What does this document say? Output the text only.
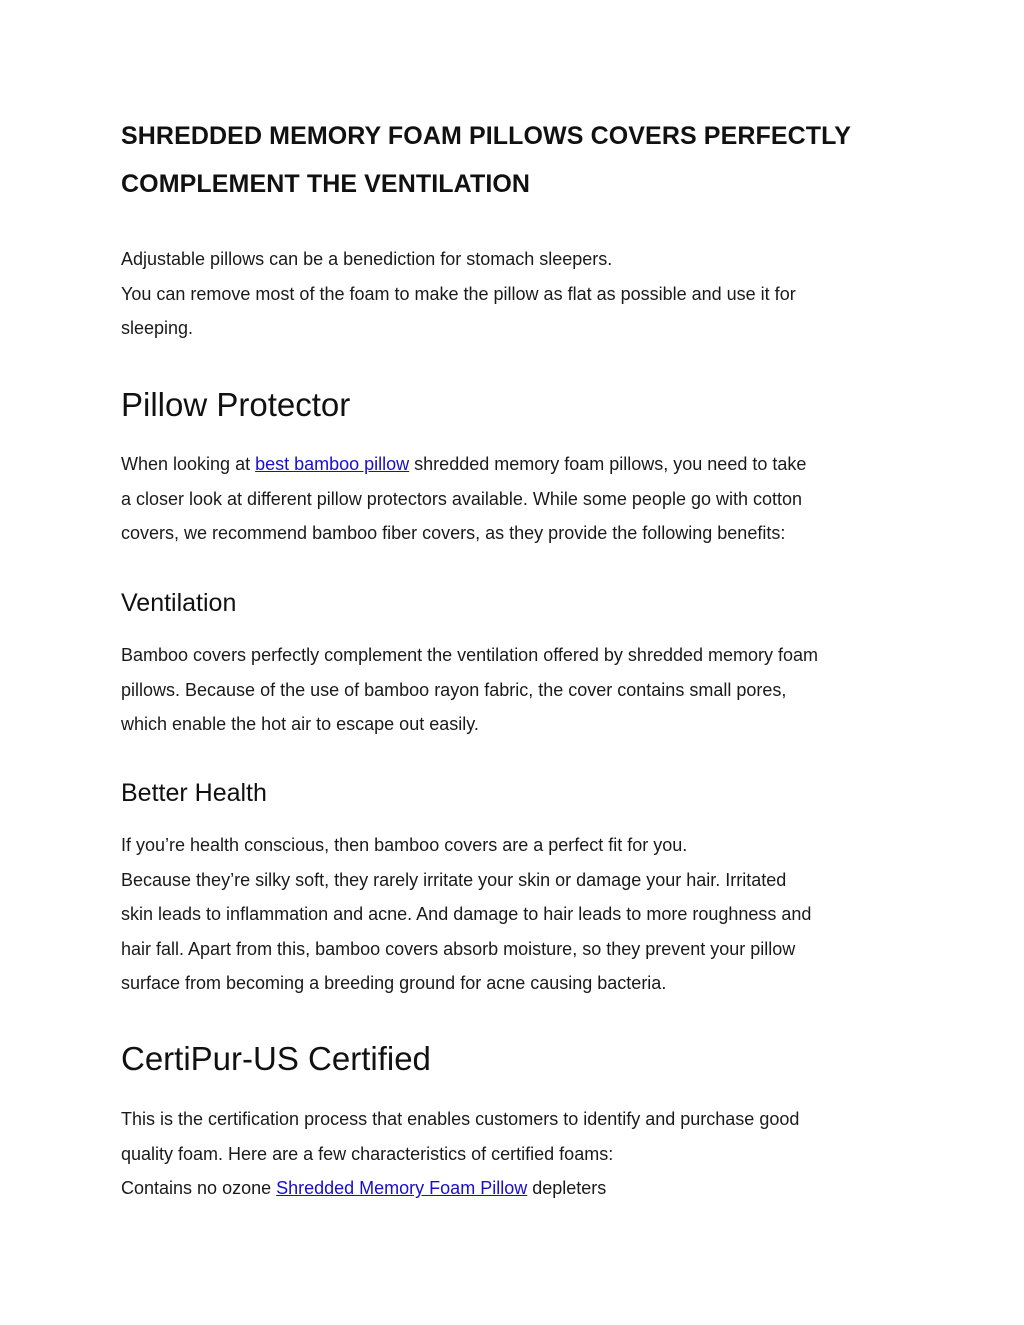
SHREDDED MEMORY FOAM PILLOWS COVERS PERFECTLY
COMPLEMENT THE VENTILATION

Adjustable pillows can be a benediction for stomach sleepers.
You can remove most of the foam to make the pillow as flat as possible and use it for
sleeping.

Pillow Protector

When looking at best bamboo pillow shredded memory foam pillows, you need to take
a closer look at different pillow protectors available. While some people go with cotton
covers, we recommend bamboo fiber covers, as they provide the following benefits:

Ventilation

Bamboo covers perfectly complement the ventilation offered by shredded memory foam
pillows. Because of the use of bamboo rayon fabric, the cover contains small pores,
which enable the hot air to escape out easily.

Better Health

If you’re health conscious, then bamboo covers are a perfect fit for you.
Because they’re silky soft, they rarely irritate your skin or damage your hair. Irritated
skin leads to inflammation and acne. And damage to hair leads to more roughness and
hair fall. Apart from this, bamboo covers absorb moisture, so they prevent your pillow
surface from becoming a breeding ground for acne causing bacteria.

CertiPur-US Certified

This is the certification process that enables customers to identify and purchase good
quality foam. Here are a few characteristics of certified foams:
Contains no ozone Shredded Memory Foam Pillow depleters
